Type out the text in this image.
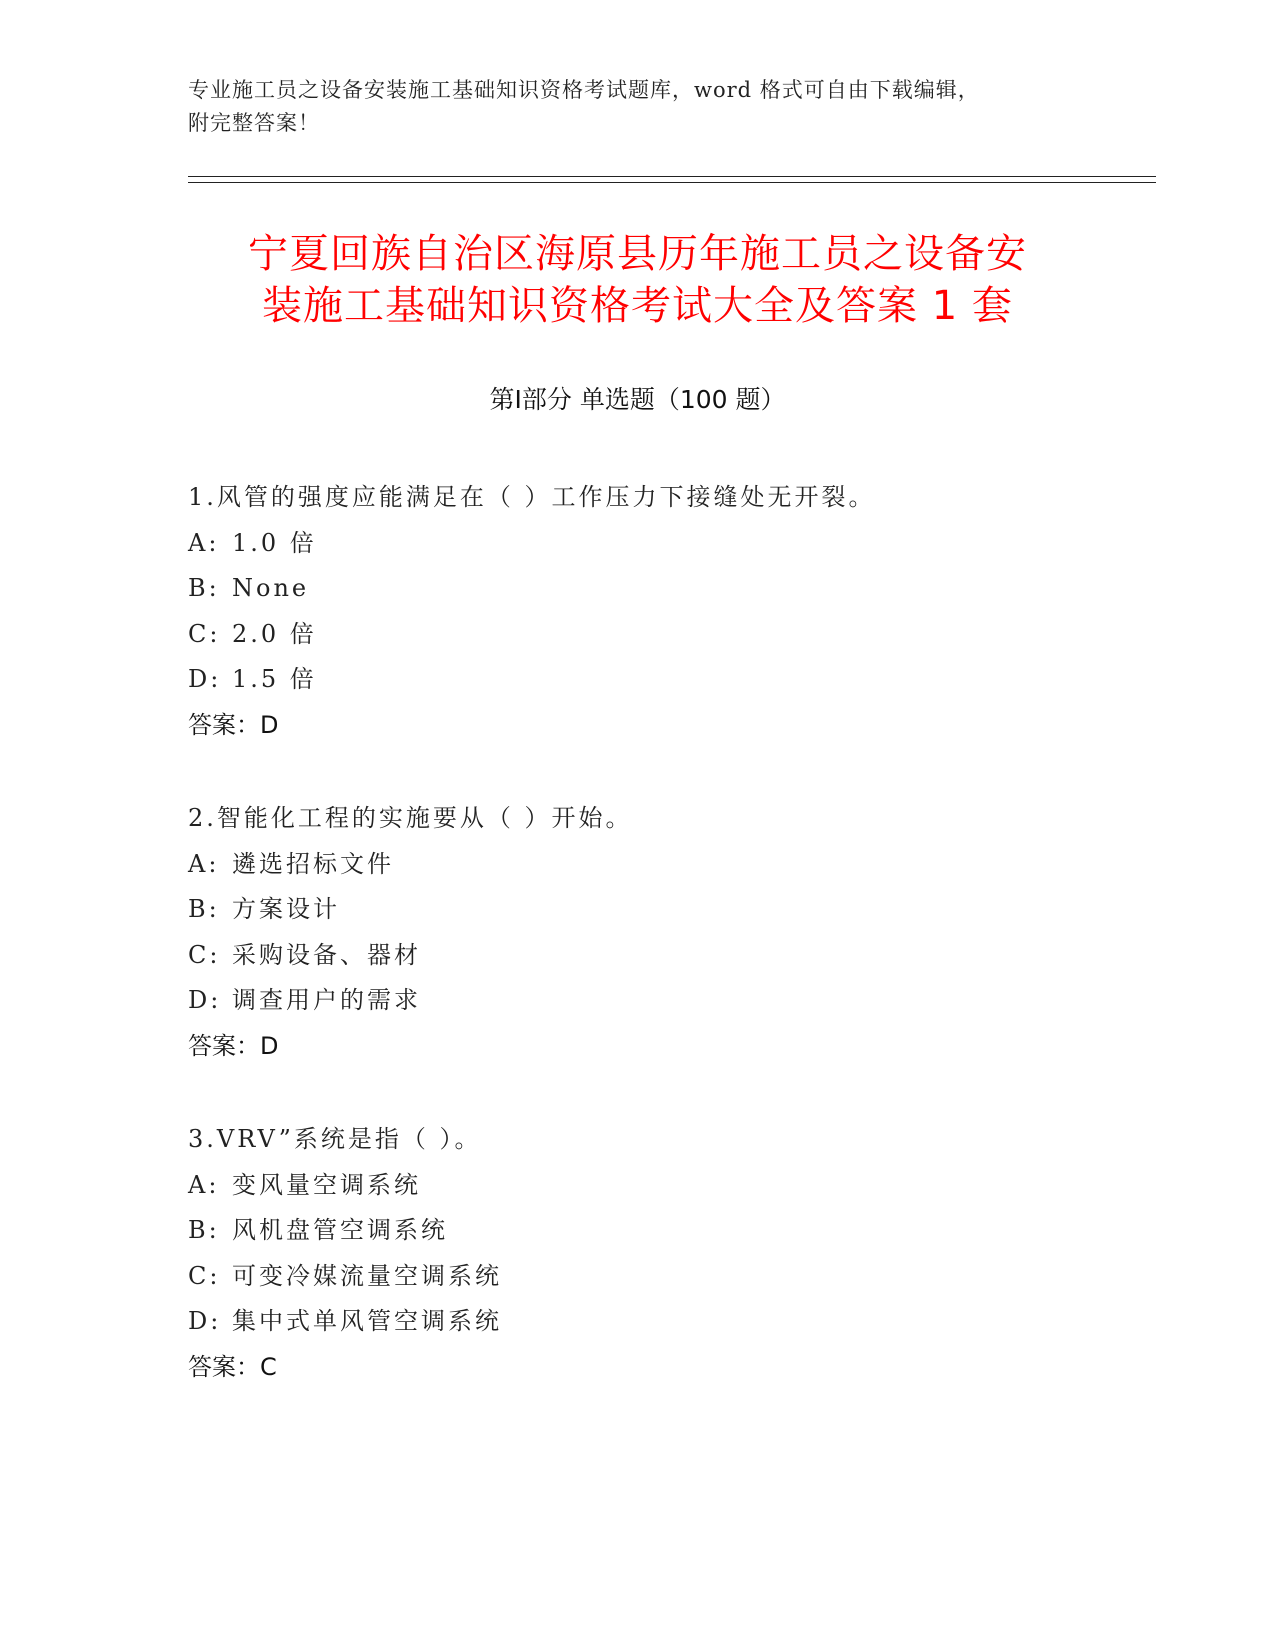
专业施工员之设备安装施工基础知识资格考试题库，word 格式可自由下载编辑，
附完整答案！
宁夏回族自治区海原县历年施工员之设备安
装施工基础知识资格考试大全及答案 1 套
第Ⅰ部分 单选题（100 题）
1.风管的强度应能满足在（ ）工作压力下接缝处无开裂。
A: 1.0 倍
B: None
C: 2.0 倍
D: 1.5 倍
答案：D
2.智能化工程的实施要从（ ）开始。
A: 遴选招标文件
B: 方案设计
C: 采购设备、器材
D: 调查用户的需求
答案：D
3.VRV”系统是指（ ）。
A: 变风量空调系统
B: 风机盘管空调系统
C: 可变冷媒流量空调系统
D: 集中式单风管空调系统
答案：C
